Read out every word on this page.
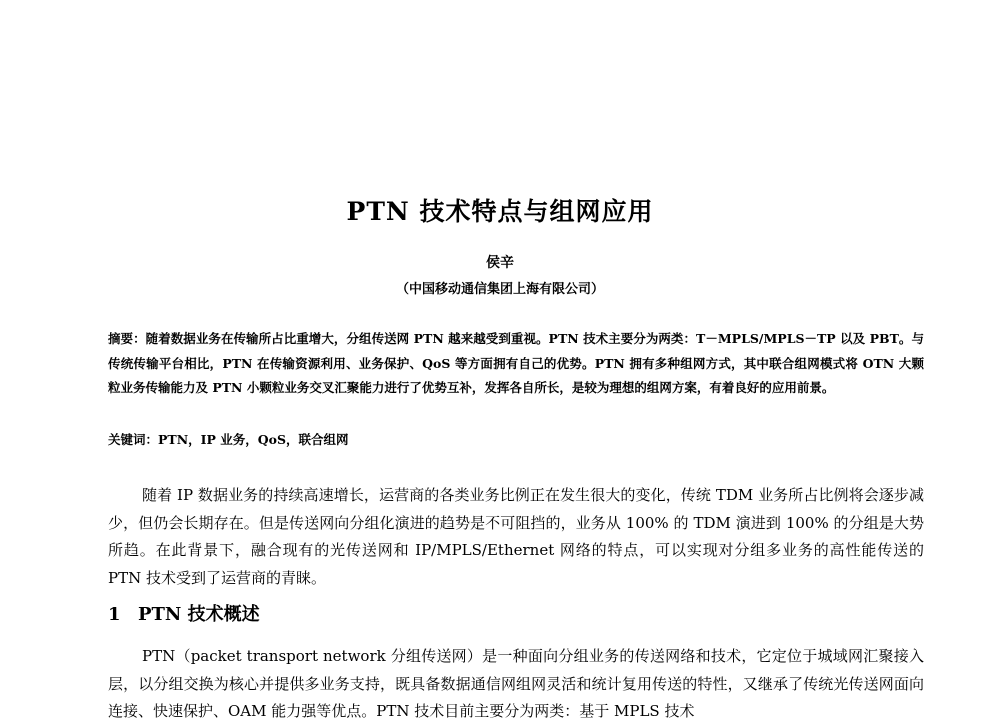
PTN 技术特点与组网应用
侯辛
（中国移动通信集团上海有限公司）

摘要：随着数据业务在传输所占比重增大，分组传送网 PTN 越来越受到重视。PTN 技术主要分为两类：T－MPLS/MPLS－TP 以及 PBT。与传统传输平台相比，PTN 在传输资源利用、业务保护、QoS 等方面拥有自己的优势。PTN 拥有多种组网方式，其中联合组网模式将 OTN 大颗粒业务传输能力及 PTN 小颗粒业务交叉汇聚能力进行了优势互补，发挥各自所长，是较为理想的组网方案，有着良好的应用前景。

关键词：PTN，IP 业务，QoS，联合组网

随着 IP 数据业务的持续高速增长，运营商的各类业务比例正在发生很大的变化，传统 TDM 业务所占比例将会逐步减少，但仍会长期存在。但是传送网向分组化演进的趋势是不可阻挡的，业务从 100% 的 TDM 演进到 100% 的分组是大势所趋。在此背景下，融合现有的光传送网和 IP/MPLS/Ethernet 网络的特点，可以实现对分组多业务的高性能传送的 PTN 技术受到了运营商的青睐。

1 PTN 技术概述

PTN（packet transport network 分组传送网）是一种面向分组业务的传送网络和技术，它定位于城域网汇聚接入层，以分组交换为核心并提供多业务支持，既具备数据通信网组网灵活和统计复用传送的特性，又继承了传统光传送网面向连接、快速保护、OAM 能力强等优点。PTN 技术目前主要分为两类：基于 MPLS 技术
